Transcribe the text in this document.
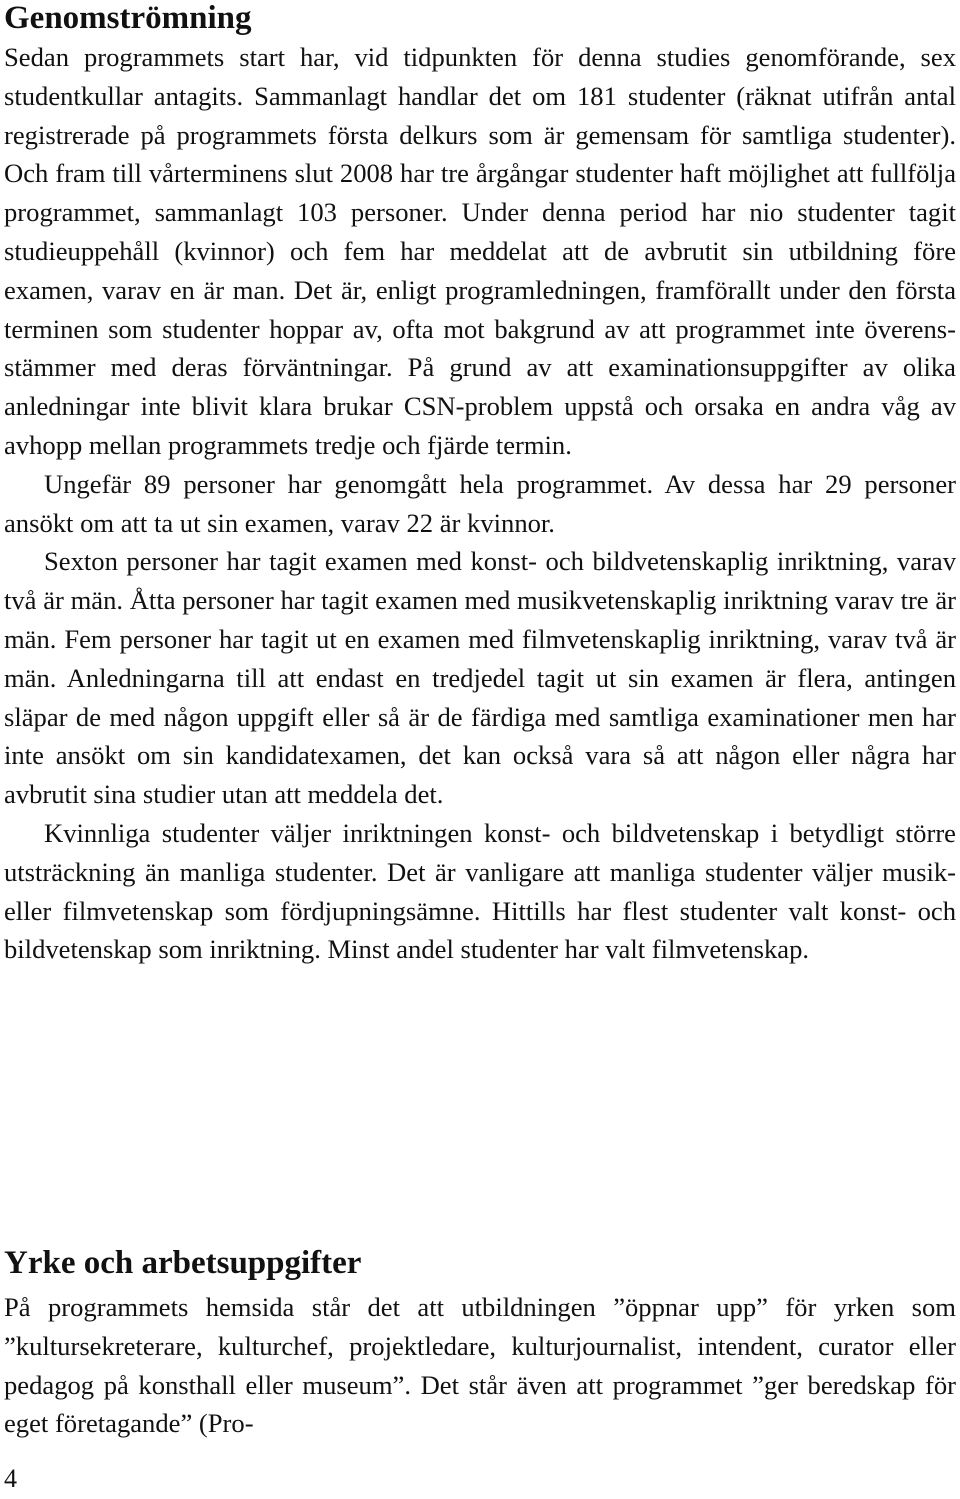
Genomströmning

Sedan programmets start har, vid tidpunkten för denna studies genomförande, sex studentkullar antagits. Sammanlagt handlar det om 181 studenter (räknat utifrån antal registrerade på programmets första delkurs som är gemensam för samtliga studenter). Och fram till vårterminens slut 2008 har tre årgångar studenter haft möjlighet att fullfölja programmet, sammanlagt 103 personer. Under denna period har nio studenter tagit studieuppehåll (kvinnor) och fem har meddelat att de avbrutit sin utbildning före examen, varav en är man. Det är, enligt programledningen, framförallt under den första terminen som studenter hoppar av, ofta mot bakgrund av att programmet inte överensstämmer med deras förväntningar. På grund av att examinationsuppgifter av olika anledningar inte blivit klara brukar CSN-problem uppstå och orsaka en andra våg av avhopp mellan programmets tredje och fjärde termin.

Ungefär 89 personer har genomgått hela programmet. Av dessa har 29 personer ansökt om att ta ut sin examen, varav 22 är kvinnor.

Sexton personer har tagit examen med konst- och bildvetenskaplig inriktning, varav två är män. Åtta personer har tagit examen med musikvetenskaplig inriktning varav tre är män. Fem personer har tagit ut en examen med filmvetenskaplig inriktning, varav två är män. Anledningarna till att endast en tredjedel tagit ut sin examen är flera, antingen släpar de med någon uppgift eller så är de färdiga med samtliga examinationer men har inte ansökt om sin kandidatexamen, det kan också vara så att någon eller några har avbrutit sina studier utan att meddela det.

Kvinnliga studenter väljer inriktningen konst- och bildvetenskap i betydligt större utsträckning än manliga studenter. Det är vanligare att manliga studenter väljer musik- eller filmvetenskap som fördjupningsämne. Hittills har flest studenter valt konst- och bildvetenskap som inriktning. Minst andel studenter har valt filmvetenskap.

Yrke och arbetsuppgifter

På programmets hemsida står det att utbildningen ”öppnar upp” för yrken som ”kultursekreterare, kulturchef, projektledare, kulturjournalist, intendent, curator eller pedagog på konsthall eller museum”. Det står även att programmet ”ger beredskap för eget företagande” (Pro-

4
